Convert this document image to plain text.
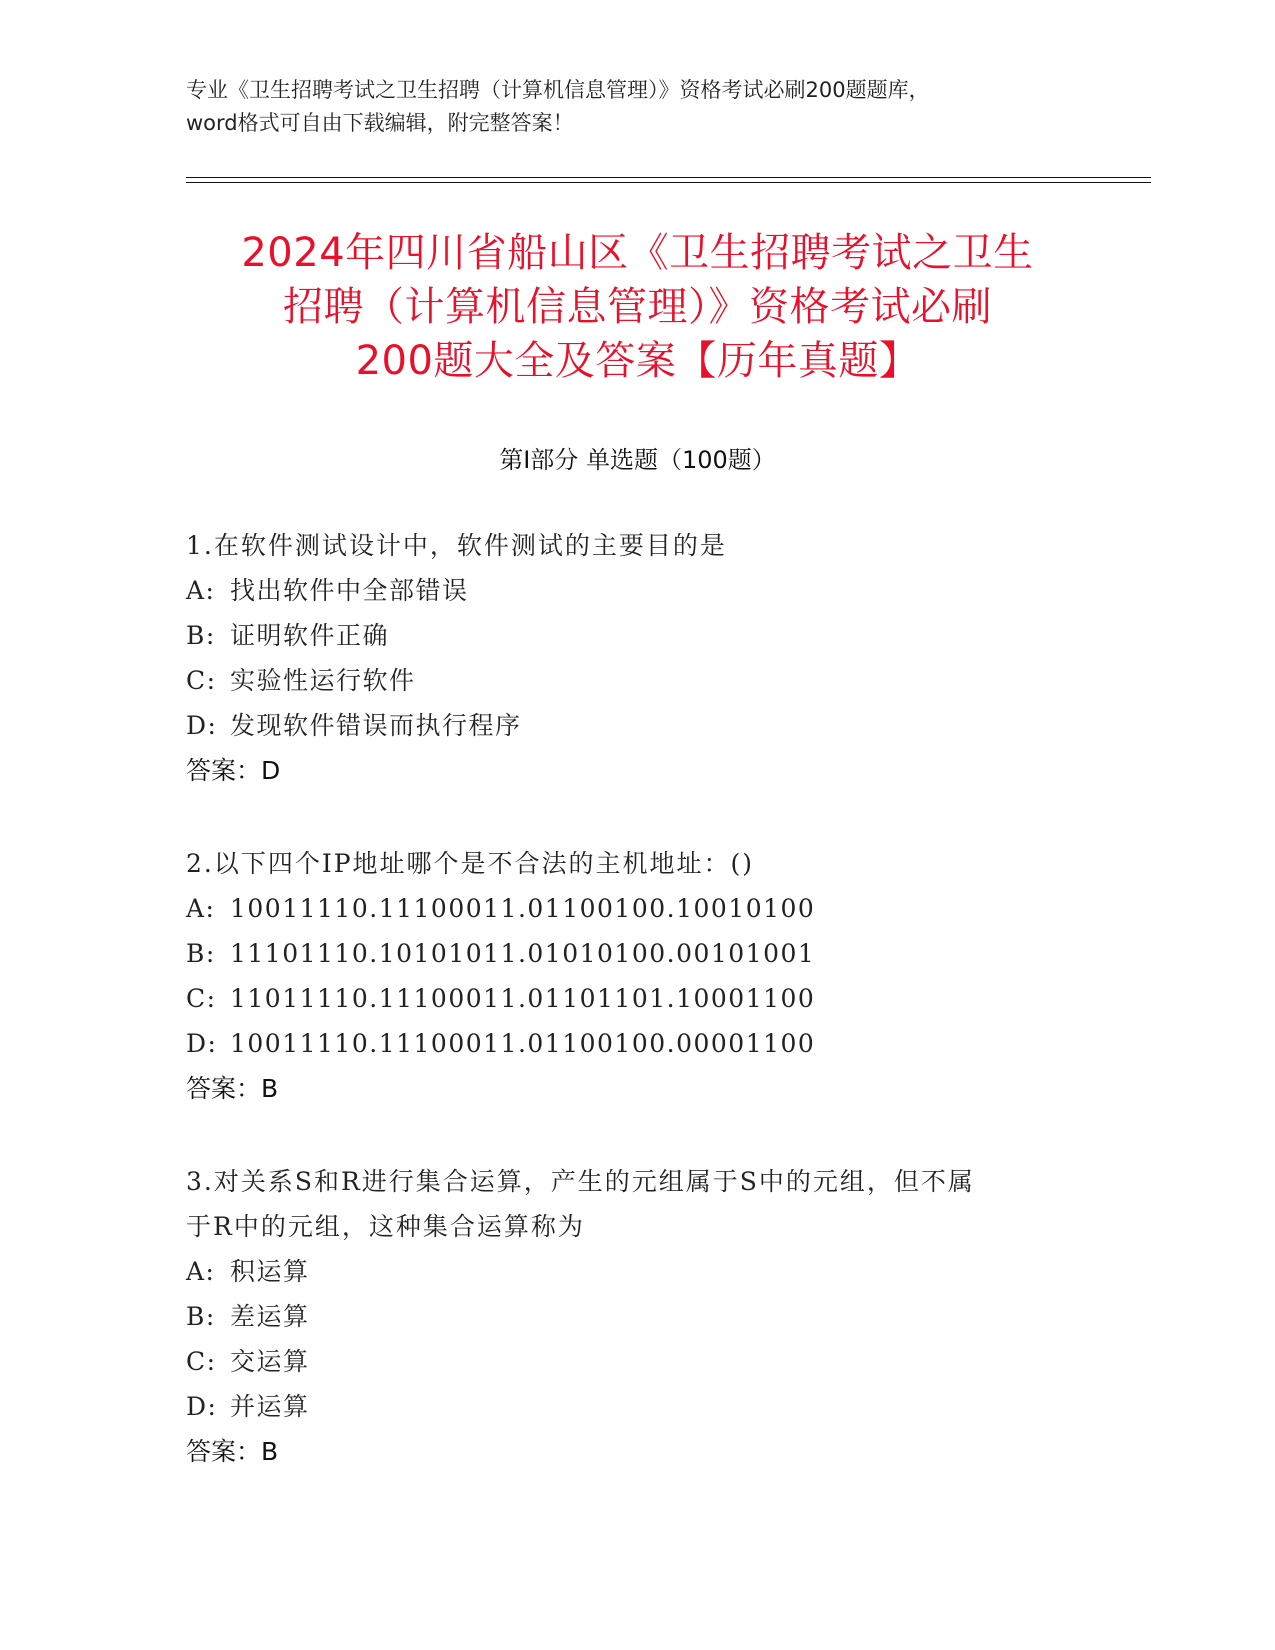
专业《卫生招聘考试之卫生招聘（计算机信息管理）》资格考试必刷200题题库，
word格式可自由下载编辑，附完整答案！
2024年四川省船山区《卫生招聘考试之卫生
招聘（计算机信息管理）》资格考试必刷
200题大全及答案【历年真题】
第I部分 单选题（100题）
1.在软件测试设计中，软件测试的主要目的是
A: 找出软件中全部错误
B: 证明软件正确
C: 实验性运行软件
D: 发现软件错误而执行程序
答案：D
2.以下四个IP地址哪个是不合法的主机地址：()
A: 10011110.11100011.01100100.10010100
B: 11101110.10101011.01010100.00101001
C: 11011110.11100011.01101101.10001100
D: 10011110.11100011.01100100.00001100
答案：B
3.对关系S和R进行集合运算，产生的元组属于S中的元组，但不属
于R中的元组，这种集合运算称为
A: 积运算
B: 差运算
C: 交运算
D: 并运算
答案：B
